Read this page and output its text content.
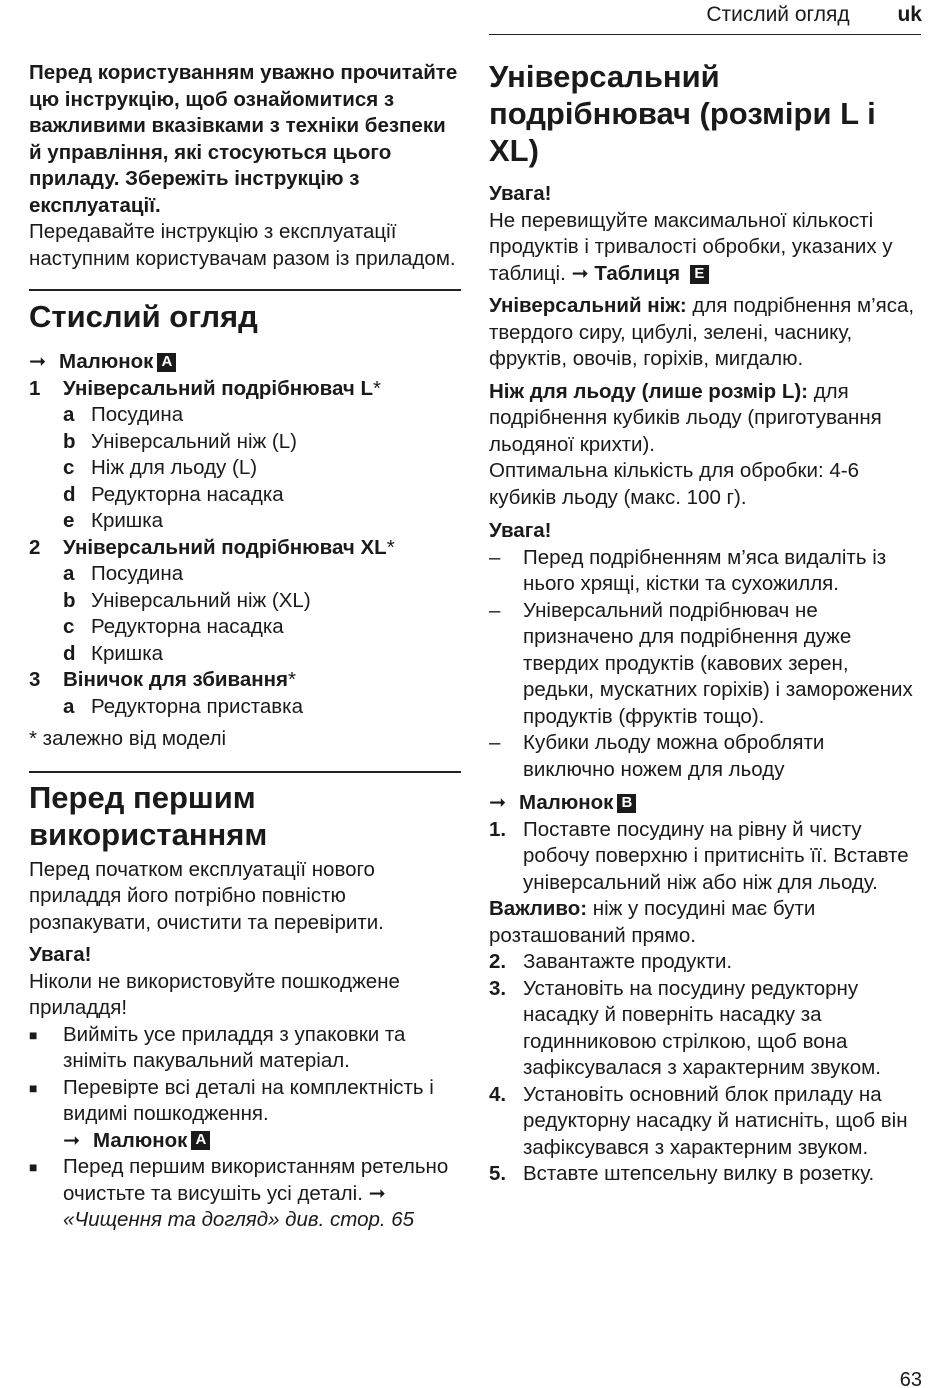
Стислий огляд uk

Перед користуванням уважно прочитайте цю інструкцію, щоб ознайомитися з важливими вказівками з техніки безпеки й управління, які стосуються цього приладу. Збережіть інструкцію з експлуатації.

Передавайте інструкцію з експлуатації наступним користувачам разом із приладом.

Стислий огляд
➞ Малюнок A
1	Універсальний подрібнювач L*
a Посудина
b Універсальний ніж (L)
c Ніж для льоду (L)
d Редукторна насадка
e Кришка
2	Універсальний подрібнювач XL*
a Посудина
b Універсальний ніж (XL)
c Редукторна насадка
d Кришка
3	Віничок для збивання*
a Редукторна приставка

* залежно від моделі

Перед першим використанням

Перед початком експлуатації нового приладдя його потрібно повністю розпакувати, очистити та перевірити.

Увага!

Ніколи не використовуйте пошкоджене приладдя!

■	Вийміть усе приладдя з упаковки та зніміть пакувальний матеріал.
■	Перевірте всі деталі на комплектність і видимі пошкодження.

➞ Малюнок A
■	Перед першим використанням ретельно очистьте та висушіть усі деталі. ➞ «Чищення та догляд» див. стор. 65
Універсальний подрібнювач (розміри L і XL)

Увага!

Не перевищуйте максимальної кількості продуктів і тривалості обробки, указаних у таблиці. ➞ Таблиця E

Універсальний ніж: для подрібнення м’яса, твердого сиру, цибулі, зелені, часнику, фруктів, овочів, горіхів, мигдалю.

Ніж для льоду (лише розмір L): для подрібнення кубиків льоду (приготування льодяної крихти).

Оптимальна кількість для обробки: 4-6 кубиків льоду (макс. 100 г).

Увага!

–	Перед подрібненням м’яса видаліть із нього хрящі, кістки та сухожилля.
–	Універсальний подрібнювач не призначено для подрібнення дуже твердих продуктів (кавових зерен, редьки, мускатних горіхів) і заморожених продуктів (фруктів тощо).
–	Кубики льоду можна обробляти виключно ножем для льоду
➞ Малюнок B
1. Поставте посудину на рівну й чисту робочу поверхню і притисніть її. Вставте універсальний ніж або ніж для льоду.

Важливо: ніж у посудині має бути розташований прямо.

2. Завантажте продукти.
3. Установіть на посудину редукторну насадку й поверніть насадку за годинниковою стрілкою, щоб вона зафіксувалася з характерним звуком.
4. Установіть основний блок приладу на редукторну насадку й натисніть, щоб він зафіксувався з характерним звуком.
5. Вставте штепсельну вилку в розетку.
63
